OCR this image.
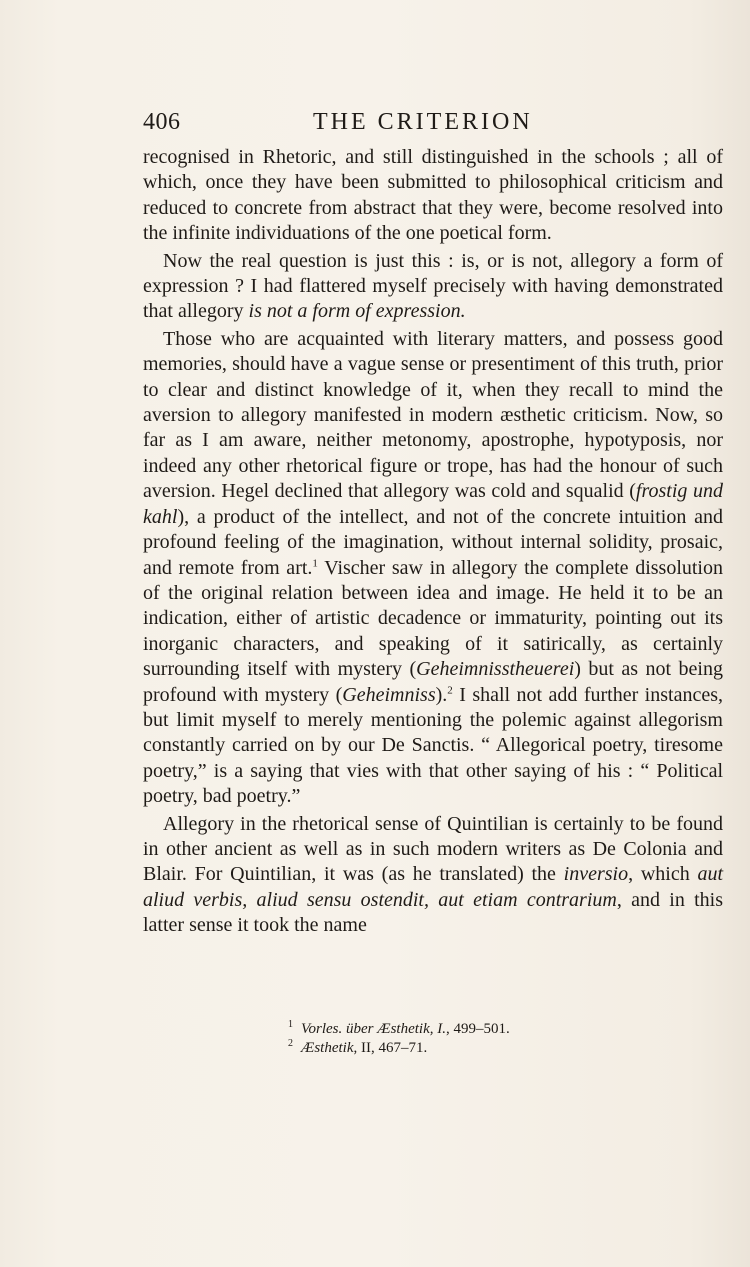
406	THE CRITERION

recognised in Rhetoric, and still distinguished in the schools ; all of which, once they have been submitted to philosophical criticism and reduced to concrete from abstract that they were, become resolved into the infinite individuations of the one poetical form.

Now the real question is just this : is, or is not, allegory a form of expression ? I had flattered myself precisely with having demonstrated that allegory is not a form of expression.

Those who are acquainted with literary matters, and possess good memories, should have a vague sense or presentiment of this truth, prior to clear and distinct knowledge of it, when they recall to mind the aversion to allegory manifested in modern æsthetic criticism. Now, so far as I am aware, neither metonomy, apostrophe, hypotyposis, nor indeed any other rhetorical figure or trope, has had the honour of such aversion. Hegel declined that allegory was cold and squalid (frostig und kahl), a product of the intellect, and not of the concrete intuition and profound feeling of the imagination, without internal solidity, prosaic, and remote from art.$^1$ Vischer saw in allegory the complete dissolution of the original relation between idea and image. He held it to be an indication, either of artistic decadence or immaturity, pointing out its inorganic characters, and speaking of it satirically, as certainly surrounding itself with mystery (Geheimnisstheuerei) but as not being profound with mystery (Geheimniss).$^2$ I shall not add further instances, but limit myself to merely mentioning the polemic against allegorism constantly carried on by our De Sanctis. “ Allegorical poetry, tiresome poetry,” is a saying that vies with that other saying of his : “ Political poetry, bad poetry.”

Allegory in the rhetorical sense of Quintilian is certainly to be found in other ancient as well as in such modern writers as De Colonia and Blair. For Quintilian, it was (as he translated) the inversio, which aut aliud verbis, aliud sensu ostendit, aut etiam contrarium, and in this latter sense it took the name

$^1$ Vorles. über Æsthetik, I., 499–501.

$^2$ Æsthetik, II, 467–71.
